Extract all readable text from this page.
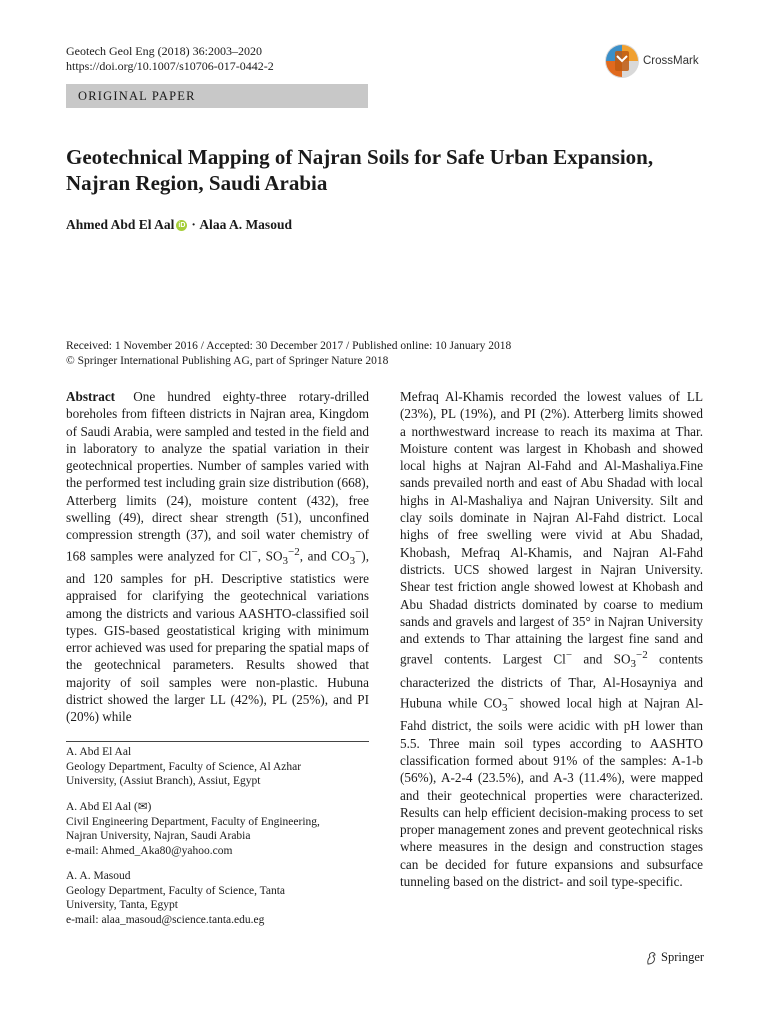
Geotech Geol Eng (2018) 36:2003–2020
https://doi.org/10.1007/s10706-017-0442-2	CrossMark
ORIGINAL PAPER
Geotechnical Mapping of Najran Soils for Safe Urban Expansion, Najran Region, Saudi Arabia
Ahmed Abd El Aal iD ·
Alaa A. Masoud
Received: 1 November 2016 / Accepted: 30 December 2017 / Published online: 10 January 2018
© Springer International Publishing AG, part of Springer Nature 2018
Abstract One hundred eighty-three rotary-drilled boreholes from fifteen districts in Najran area, Kingdom of Saudi Arabia, were sampled and tested in the field and in laboratory to analyze the spatial variation in their geotechnical properties. Number of samples varied with the performed test including grain size distribution (668), Atterberg limits (24), moisture content (432), free swelling (49), direct shear strength (51), unconfined compression strength (37), and soil water chemistry of 168 samples were analyzed for Cl−, $SO_3^{-2}$, and $CO_3^-$), and 120 samples for pH. Descriptive statistics were appraised for clarifying the geotechnical variations among the districts and various AASHTO-classified soil types. GIS-based geostatistical kriging with minimum error achieved was used for preparing the spatial maps of the geotechnical parameters. Results showed that majority of soil samples were non-plastic. Hubuna district showed the larger LL (42%), PL (25%), and PI (20%) while
Mefraq Al-Khamis recorded the lowest values of LL (23%), PL (19%), and PI (2%). Atterberg limits showed a northwestward increase to reach its maxima at Thar. Moisture content was largest in Khobash and showed local highs at Najran Al-Fahd and Al-Mashaliya.Fine sands prevailed north and east of Abu Shadad with local highs in Al-Mashaliya and Najran University. Silt and clay soils dominate in Najran Al-Fahd district. Local highs of free swelling were vivid at Abu Shadad, Khobash, Mefraq Al-Khamis, and Najran Al-Fahd districts. UCS showed largest in Najran University. Shear test friction angle showed lowest at Khobash and Abu Shadad districts dominated by coarse to medium sands and gravels and largest of 35° in Najran University and extends to Thar attaining the largest fine sand and gravel contents. Largest Cl− and $SO_3^{-2}$ contents characterized the districts of Thar, Al-Hosayniya and Hubuna while $CO_3^-$ showed local high at Najran Al-Fahd district, the soils were acidic with pH lower than 5.5. Three main soil types according to AASHTO classification formed about 91% of the samples: A-1-b (56%), A-2-4 (23.5%), and A-3 (11.4%), were mapped and their geotechnical properties were characterized. Results can help efficient decision-making process to set proper management zones and prevent geotechnical risks where measures in the design and construction stages can be decided for future expansions and subsurface tunneling based on the district- and soil type-specific.
A. Abd El Aal
Geology Department, Faculty of Science, Al Azhar
University, (Assiut Branch), Assiut, Egypt
A. Abd El Aal (✉)
Civil Engineering Department, Faculty of Engineering,
Najran University, Najran, Saudi Arabia
e-mail: Ahmed_Aka80@yahoo.com
A. A. Masoud
Geology Department, Faculty of Science, Tanta
University, Tanta, Egypt
e-mail: alaa_masoud@science.tanta.edu.eg
Springer
